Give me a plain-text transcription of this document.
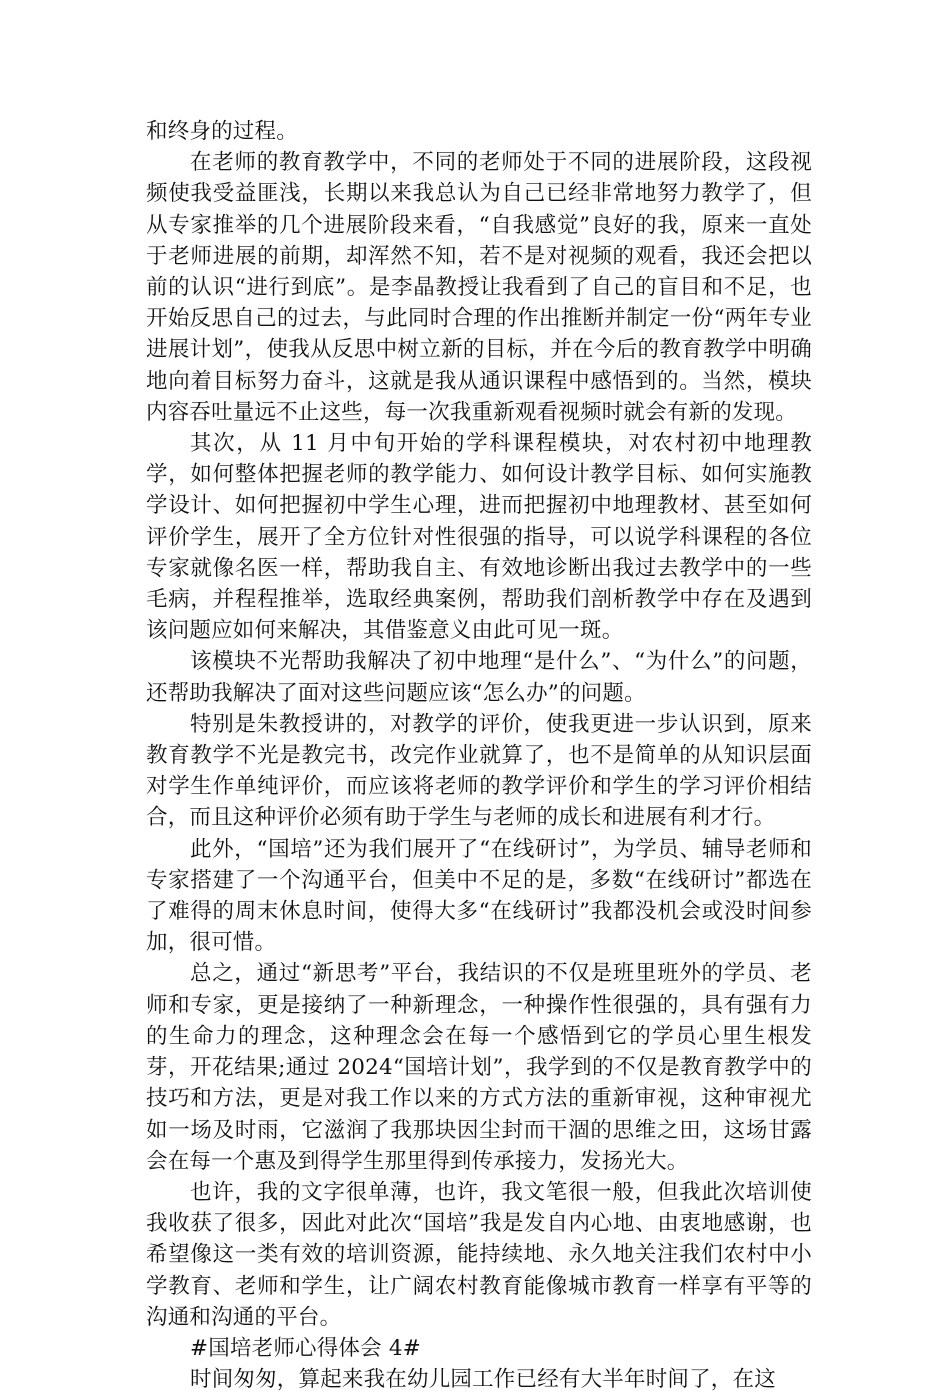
和终身的过程。

在老师的教育教学中，不同的老师处于不同的进展阶段，这段视频使我受益匪浅，长期以来我总认为自己已经非常地努力教学了，但从专家推举的几个进展阶段来看，“自我感觉”良好的我，原来一直处于老师进展的前期，却浑然不知，若不是对视频的观看，我还会把以前的认识“进行到底”。是李晶教授让我看到了自己的盲目和不足，也开始反思自己的过去，与此同时合理的作出推断并制定一份“两年专业进展计划”，使我从反思中树立新的目标，并在今后的教育教学中明确地向着目标努力奋斗，这就是我从通识课程中感悟到的。当然，模块内容吞吐量远不止这些，每一次我重新观看视频时就会有新的发现。

其次，从 11 月中旬开始的学科课程模块，对农村初中地理教学，如何整体把握老师的教学能力、如何设计教学目标、如何实施教学设计、如何把握初中学生心理，进而把握初中地理教材、甚至如何评价学生，展开了全方位针对性很强的指导，可以说学科课程的各位专家就像名医一样，帮助我自主、有效地诊断出我过去教学中的一些毛病，并程程推举，选取经典案例，帮助我们剖析教学中存在及遇到该问题应如何来解决，其借鉴意义由此可见一斑。

该模块不光帮助我解决了初中地理“是什么”、“为什么”的问题，还帮助我解决了面对这些问题应该“怎么办”的问题。

特别是朱教授讲的，对教学的评价，使我更进一步认识到，原来教育教学不光是教完书，改完作业就算了，也不是简单的从知识层面对学生作单纯评价，而应该将老师的教学评价和学生的学习评价相结合，而且这种评价必须有助于学生与老师的成长和进展有利才行。

此外，“国培”还为我们展开了“在线研讨”，为学员、辅导老师和专家搭建了一个沟通平台，但美中不足的是，多数“在线研讨”都选在了难得的周末休息时间，使得大多“在线研讨”我都没机会或没时间参加，很可惜。

总之，通过“新思考”平台，我结识的不仅是班里班外的学员、老师和专家，更是接纳了一种新理念，一种操作性很强的，具有强有力的生命力的理念，这种理念会在每一个感悟到它的学员心里生根发芽，开花结果;通过 2024“国培计划”，我学到的不仅是教育教学中的技巧和方法，更是对我工作以来的方式方法的重新审视，这种审视尤如一场及时雨，它滋润了我那块因尘封而干涸的思维之田，这场甘露会在每一个惠及到得学生那里得到传承接力，发扬光大。

也许，我的文字很单薄，也许，我文笔很一般，但我此次培训使我收获了很多，因此对此次“国培”我是发自内心地、由衷地感谢，也希望像这一类有效的培训资源，能持续地、永久地关注我们农村中小学教育、老师和学生，让广阔农村教育能像城市教育一样享有平等的沟通和沟通的平台。

#国培老师心得体会 4#

时间匆匆，算起来我在幼儿园工作已经有大半年时间了，在这
